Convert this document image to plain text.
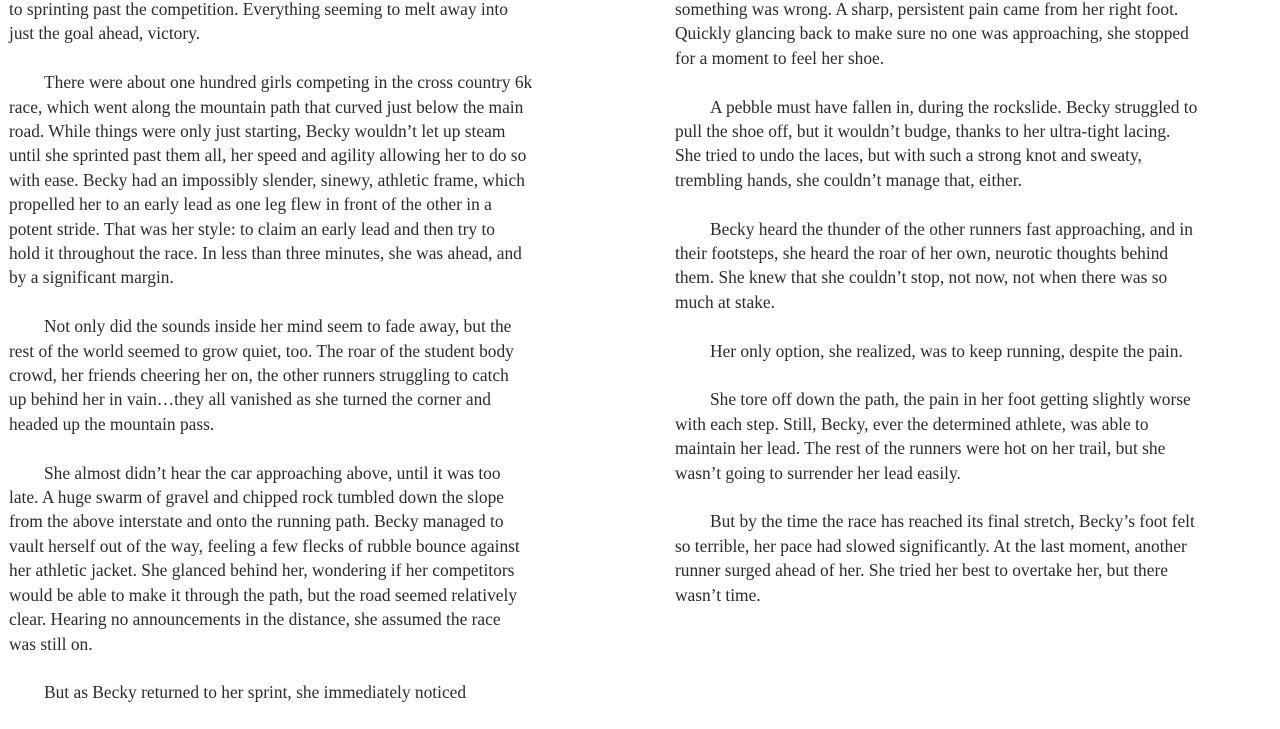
to sprinting past the competition. Everything seeming to melt away into
just the goal ahead, victory.
There were about one hundred girls competing in the cross country 6k
race, which went along the mountain path that curved just below the main
road. While things were only just starting, Becky wouldn’t let up steam
until she sprinted past them all, her speed and agility allowing her to do so
with ease. Becky had an impossibly slender, sinewy, athletic frame, which
propelled her to an early lead as one leg flew in front of the other in a
potent stride. That was her style: to claim an early lead and then try to
hold it throughout the race. In less than three minutes, she was ahead, and
by a significant margin.
Not only did the sounds inside her mind seem to fade away, but the
rest of the world seemed to grow quiet, too. The roar of the student body
crowd, her friends cheering her on, the other runners struggling to catch
up behind her in vain…they all vanished as she turned the corner and
headed up the mountain pass.
She almost didn’t hear the car approaching above, until it was too
late. A huge swarm of gravel and chipped rock tumbled down the slope
from the above interstate and onto the running path. Becky managed to
vault herself out of the way, feeling a few flecks of rubble bounce against
her athletic jacket. She glanced behind her, wondering if her competitors
would be able to make it through the path, but the road seemed relatively
clear. Hearing no announcements in the distance, she assumed the race
was still on.
But as Becky returned to her sprint, she immediately noticed
something was wrong. A sharp, persistent pain came from her right foot.
Quickly glancing back to make sure no one was approaching, she stopped
for a moment to feel her shoe.
A pebble must have fallen in, during the rockslide. Becky struggled to
pull the shoe off, but it wouldn’t budge, thanks to her ultra-tight lacing.
She tried to undo the laces, but with such a strong knot and sweaty,
trembling hands, she couldn’t manage that, either.
Becky heard the thunder of the other runners fast approaching, and in
their footsteps, she heard the roar of her own, neurotic thoughts behind
them. She knew that she couldn’t stop, not now, not when there was so
much at stake.
Her only option, she realized, was to keep running, despite the pain.
She tore off down the path, the pain in her foot getting slightly worse
with each step. Still, Becky, ever the determined athlete, was able to
maintain her lead. The rest of the runners were hot on her trail, but she
wasn’t going to surrender her lead easily.
But by the time the race has reached its final stretch, Becky’s foot felt
so terrible, her pace had slowed significantly. At the last moment, another
runner surged ahead of her. She tried her best to overtake her, but there
wasn’t time.
